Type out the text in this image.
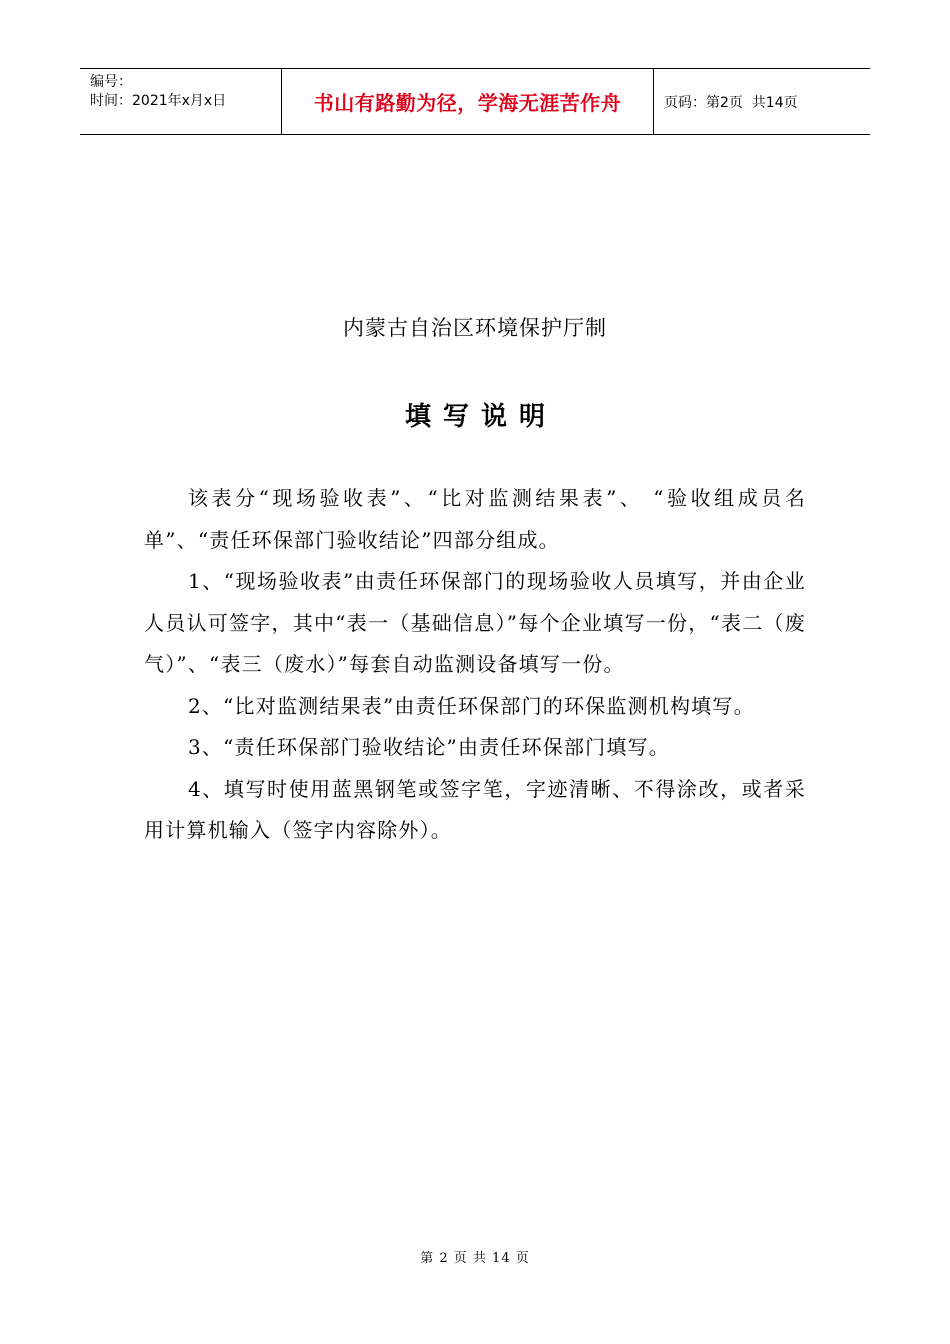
编号：
时间：2021年x月x日	书山有路勤为径，学海无涯苦作舟	页码：第2页  共14页
内蒙古自治区环境保护厅制
填写说明

该表分“现场验收表”、“比对监测结果表”、 “验收组成员名单”、“责任环保部门验收结论”四部分组成。

1、“现场验收表”由责任环保部门的现场验收人员填写，并由企业人员认可签字，其中“表一（基础信息）”每个企业填写一份，“表二（废气）”、“表三（废水）”每套自动监测设备填写一份。

2、“比对监测结果表”由责任环保部门的环保监测机构填写。

3、“责任环保部门验收结论”由责任环保部门填写。

4、填写时使用蓝黑钢笔或签字笔，字迹清晰、不得涂改，或者采用计算机输入（签字内容除外）。

第 2 页 共 14 页
